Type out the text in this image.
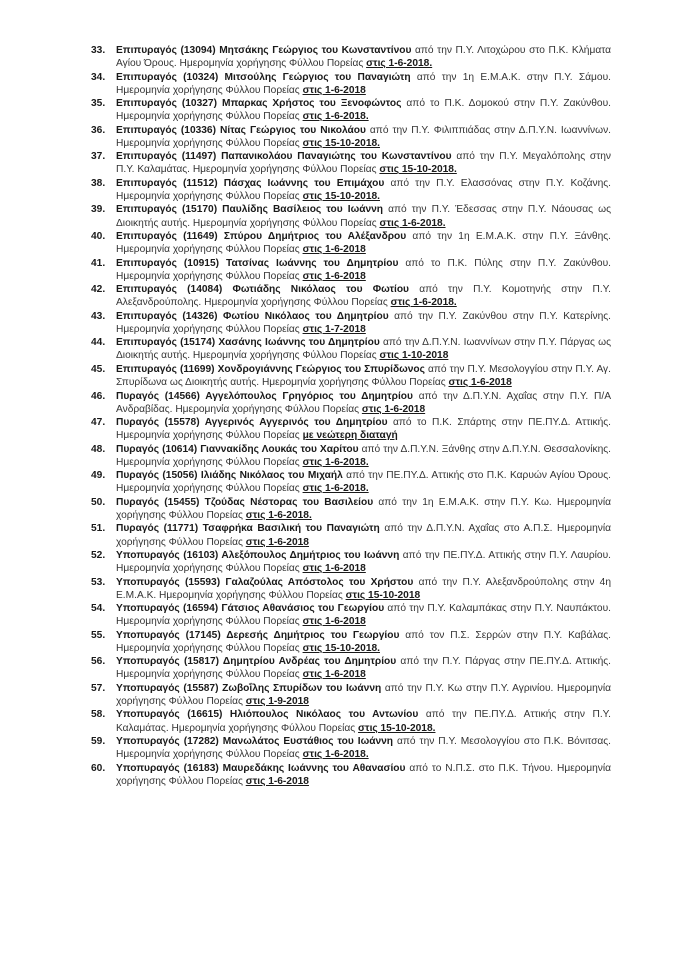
33.	Επιπυραγός (13094) Μητσάκης Γεώργιος του Κωνσταντίνου από την Π.Υ. Λιτοχώρου στο Π.Κ. Κλήματα Αγίου Όρους. Ημερομηνία χορήγησης Φύλλου Πορείας στις 1-6-2018.
34.	Επιπυραγός (10324) Μιτσούλης Γεώργιος του Παναγιώτη από την 1η Ε.Μ.Α.Κ. στην Π.Υ. Σάμου. Ημερομηνία χορήγησης Φύλλου Πορείας στις 1-6-2018
35.	Επιπυραγός (10327) Μπαρκας Χρήστος του Ξενοφώντος από το Π.Κ. Δομοκού στην Π.Υ. Ζακύνθου. Ημερομηνία χορήγησης Φύλλου Πορείας στις 1-6-2018.
36.	Επιπυραγός (10336) Νίτας Γεώργιος του Νικολάου από την Π.Υ. Φιλιππιάδας στην Δ.Π.Υ.Ν. Ιωαννίνων. Ημερομηνία χορήγησης Φύλλου Πορείας στις 15-10-2018.
37.	Επιπυραγός (11497) Παπανικολάου Παναγιώτης του Κωνσταντίνου από την Π.Υ. Μεγαλόπολης στην Π.Υ. Καλαμάτας. Ημερομηνία χορήγησης Φύλλου Πορείας στις 15-10-2018.
38.	Επιπυραγός (11512) Πάσχας Ιωάννης του Επιμάχου από την Π.Υ. Ελασσόνας στην Π.Υ. Κοζάνης. Ημερομηνία χορήγησης Φύλλου Πορείας στις 15-10-2018.
39.	Επιπυραγός (15170) Παυλίδης Βασίλειος του Ιωάννη από την Π.Υ. Έδεσσας στην Π.Υ. Νάουσας ως Διοικητής αυτής. Ημερομηνία χορήγησης Φύλλου Πορείας στις 1-6-2018.
40.	Επιπυραγός (11649) Σπύρου Δημήτριος του Αλέξανδρου από την 1η Ε.Μ.Α.Κ. στην Π.Υ. Ξάνθης. Ημερομηνία χορήγησης Φύλλου Πορείας στις 1-6-2018
41.	Επιπυραγός (10915) Τατσίνας Ιωάννης του Δημητρίου από το Π.Κ. Πύλης στην Π.Υ. Ζακύνθου. Ημερομηνία χορήγησης Φύλλου Πορείας στις 1-6-2018
42.	Επιπυραγός (14084) Φωτιάδης Νικόλαος του Φωτίου από την Π.Υ. Κομοτηνής στην Π.Υ. Αλεξανδρούπολης. Ημερομηνία χορήγησης Φύλλου Πορείας στις 1-6-2018.
43.	Επιπυραγός (14326) Φωτίου Νικόλαος του Δημητρίου από την Π.Υ. Ζακύνθου στην Π.Υ. Κατερίνης. Ημερομηνία χορήγησης Φύλλου Πορείας στις 1-7-2018
44.	Επιπυραγός (15174) Χασάνης Ιωάννης του Δημητρίου από την Δ.Π.Υ.Ν. Ιωαννίνων στην Π.Υ. Πάργας ως Διοικητής αυτής. Ημερομηνία χορήγησης Φύλλου Πορείας στις 1-10-2018
45.	Επιπυραγός (11699) Χονδρογιάννης Γεώργιος του Σπυρίδωνος από την Π.Υ. Μεσολογγίου στην Π.Υ. Αγ. Σπυρίδωνα ως Διοικητής αυτής. Ημερομηνία χορήγησης Φύλλου Πορείας στις 1-6-2018
46.	Πυραγός (14566) Αγγελόπουλος Γρηγόριος του Δημητρίου από την Δ.Π.Υ.Ν. Αχαΐας στην Π.Υ. Π/Α Ανδραβίδας. Ημερομηνία χορήγησης Φύλλου Πορείας στις 1-6-2018
47.	Πυραγός (15578) Αγγερινός Αγγερινός του Δημητρίου από το Π.Κ. Σπάρτης στην ΠΕ.ΠΥ.Δ. Αττικής. Ημερομηνία χορήγησης Φύλλου Πορείας με νεώτερη διαταγή
48.	Πυραγός (10614) Γιαννακίδης Λουκάς του Χαρίτου από την Δ.Π.Υ.Ν. Ξάνθης στην Δ.Π.Υ.Ν. Θεσσαλονίκης. Ημερομηνία χορήγησης Φύλλου Πορείας στις 1-6-2018.
49.	Πυραγός (15056) Ιλιάδης Νικόλαος του Μιχαήλ από την ΠΕ.ΠΥ.Δ. Αττικής στο Π.Κ. Καρυών Αγίου Όρους. Ημερομηνία χορήγησης Φύλλου Πορείας στις 1-6-2018.
50.	Πυραγός (15455) Τζούδας Νέστορας του Βασιλείου από την 1η Ε.Μ.Α.Κ. στην Π.Υ. Κω. Ημερομηνία χορήγησης Φύλλου Πορείας στις 1-6-2018.
51.	Πυραγός (11771) Τσαφρήκα Βασιλική του Παναγιώτη από την Δ.Π.Υ.Ν. Αχαΐας στο Α.Π.Σ. Ημερομηνία χορήγησης Φύλλου Πορείας στις 1-6-2018
52.	Υποπυραγός (16103) Αλεξόπουλος Δημήτριος του Ιωάννη από την ΠΕ.ΠΥ.Δ. Αττικής στην Π.Υ. Λαυρίου. Ημερομηνία χορήγησης Φύλλου Πορείας στις 1-6-2018
53.	Υποπυραγός (15593) Γαλαζούλας Απόστολος του Χρήστου από την Π.Υ. Αλεξανδρούπολης στην 4η Ε.Μ.Α.Κ. Ημερομηνία χορήγησης Φύλλου Πορείας στις 15-10-2018
54.	Υποπυραγός (16594) Γάτσιος Αθανάσιος του Γεωργίου από την Π.Υ. Καλαμπάκας στην Π.Υ. Ναυπάκτου. Ημερομηνία χορήγησης Φύλλου Πορείας στις 1-6-2018
55.	Υποπυραγός (17145) Δερεσής Δημήτριος του Γεωργίου από τον Π.Σ. Σερρών στην Π.Υ. Καβάλας. Ημερομηνία χορήγησης Φύλλου Πορείας στις 15-10-2018.
56.	Υποπυραγός (15817) Δημητρίου Ανδρέας του Δημητρίου από την Π.Υ. Πάργας στην ΠΕ.ΠΥ.Δ. Αττικής. Ημερομηνία χορήγησης Φύλλου Πορείας στις 1-6-2018
57.	Υποπυραγός (15587) Ζωβοΐλης Σπυρίδων του Ιωάννη από την Π.Υ. Κω στην Π.Υ. Αγρινίου. Ημερομηνία χορήγησης Φύλλου Πορείας στις 1-9-2018
58.	Υποπυραγός (16615) Ηλιόπουλος Νικόλαος του Αντωνίου από την ΠΕ.ΠΥ.Δ. Αττικής στην Π.Υ. Καλαμάτας. Ημερομηνία χορήγησης Φύλλου Πορείας στις 15-10-2018.
59.	Υποπυραγός (17282) Μανωλάτος Ευστάθιος του Ιωάννη από την Π.Υ. Μεσολογγίου στο Π.Κ. Βόνιτσας. Ημερομηνία χορήγησης Φύλλου Πορείας στις 1-6-2018.
60.	Υποπυραγός (16183) Μαυρεδάκης Ιωάννης του Αθανασίου από το Ν.Π.Σ. στο Π.Κ. Τήνου. Ημερομηνία χορήγησης Φύλλου Πορείας στις 1-6-2018
